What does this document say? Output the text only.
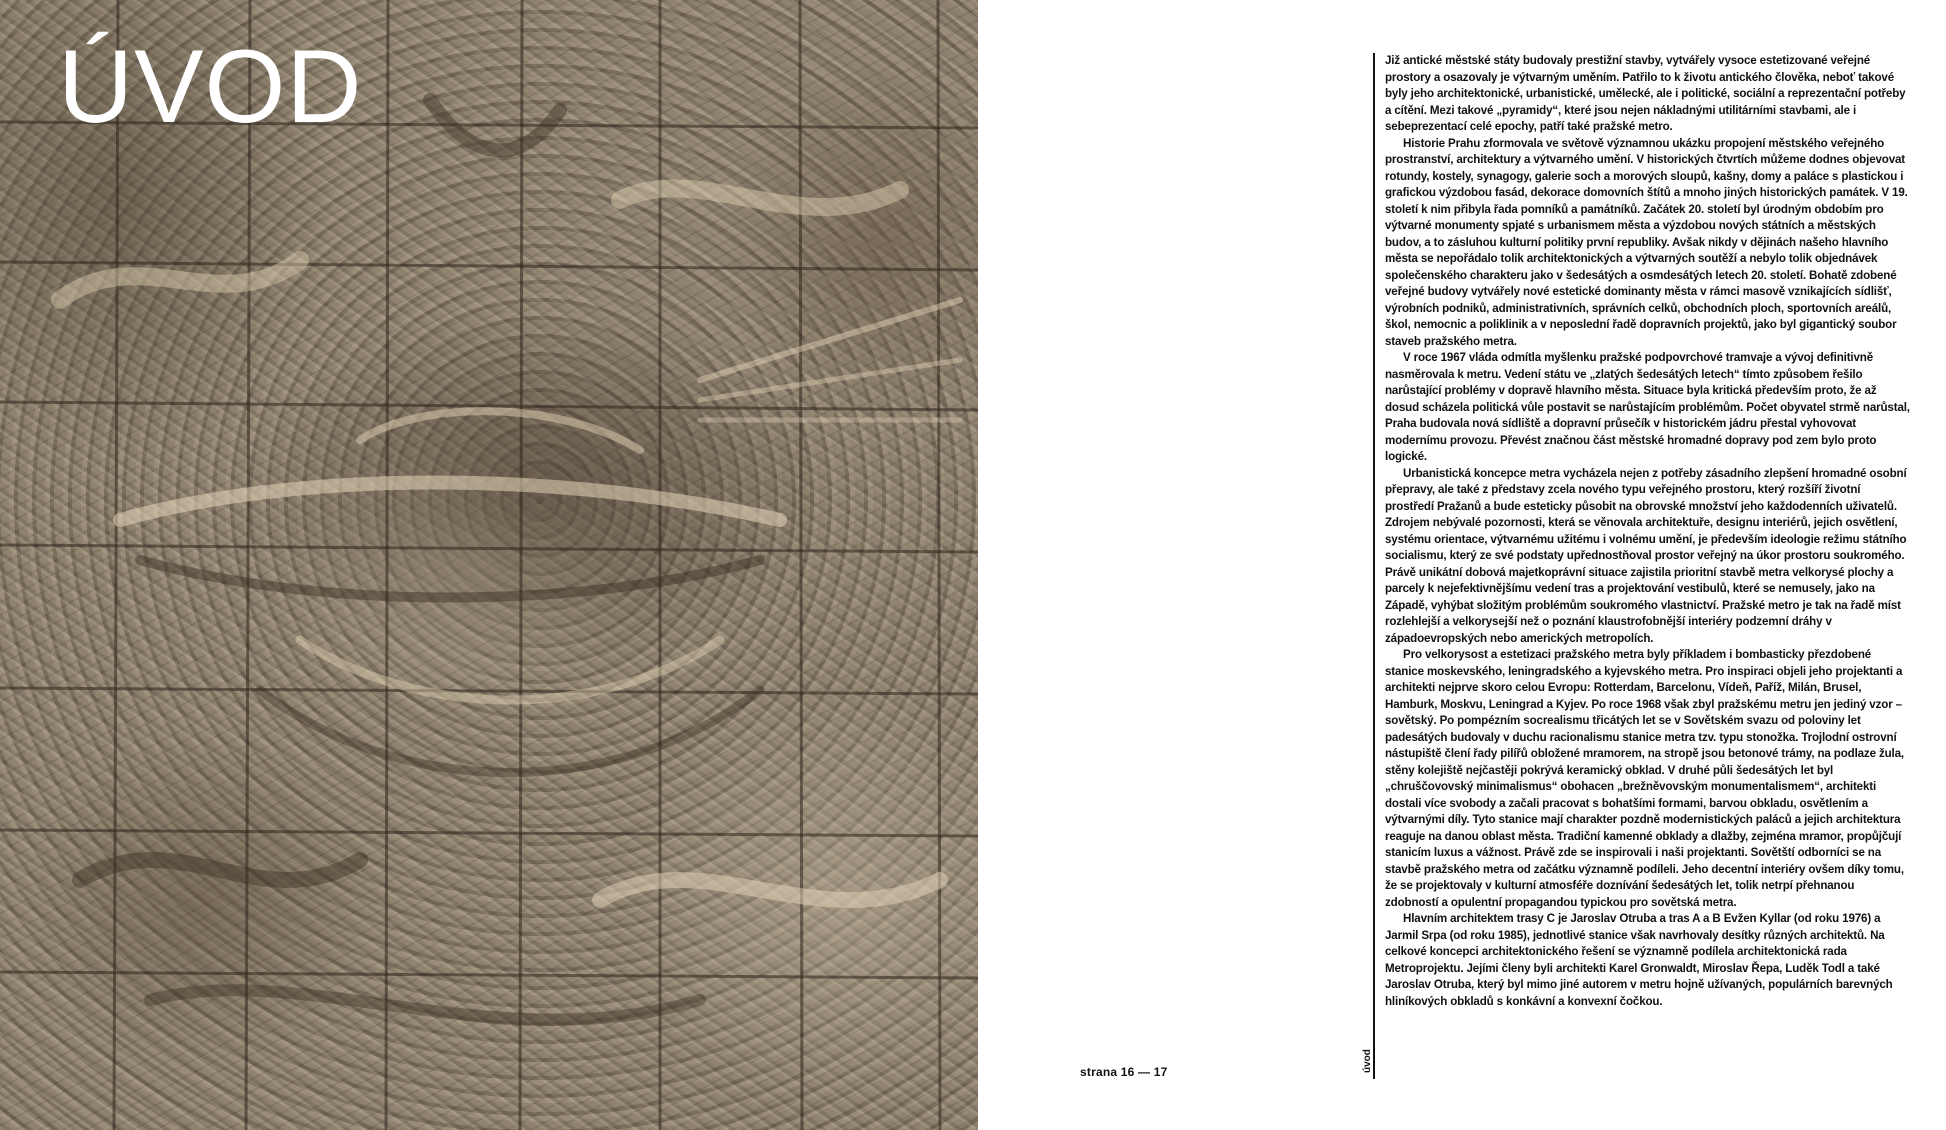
ÚVOD
strana 16 — 17	úvod

Již antické městské státy budovaly prestižní stavby, vytvářely vysoce estetizované veřejné prostory a osazovaly je výtvarným uměním. Patřilo to k životu antického člověka, neboť takové byly jeho architektonické, urbanistické, umělecké, ale i politické, sociální a reprezentační potřeby a cítění. Mezi takové „pyramidy“, které jsou nejen nákladnými utilitárními stavbami, ale i sebeprezentací celé epochy, patří také pražské metro.

Historie Prahu zformovala ve světově významnou ukázku propojení městského veřejného prostranství, architektury a výtvarného umění. V historických čtvrtích můžeme dodnes objevovat rotundy, kostely, synagogy, galerie soch a morových sloupů, kašny, domy a paláce s plastickou i grafickou výzdobou fasád, dekorace domovních štítů a mnoho jiných historických památek. V 19. století k nim přibyla řada pomníků a památníků. Začátek 20. století byl úrodným obdobím pro výtvarné monumenty spjaté s urbanismem města a výzdobou nových státních a městských budov, a to zásluhou kulturní politiky první republiky. Avšak nikdy v dějinách našeho hlavního města se nepořádalo tolik architektonických a výtvarných soutěží a nebylo tolik objednávek společenského charakteru jako v šedesátých a osmdesátých letech 20. století. Bohatě zdobené veřejné budovy vytvářely nové estetické dominanty města v rámci masově vznikajících sídlišť, výrobních podniků, administrativních, správních celků, obchodních ploch, sportovních areálů, škol, nemocnic a poliklinik a v neposlední řadě dopravních projektů, jako byl gigantický soubor staveb pražského metra.

V roce 1967 vláda odmítla myšlenku pražské podpovrchové tramvaje a vývoj definitivně nasměrovala k metru. Vedení státu ve „zlatých šedesátých letech“ tímto způsobem řešilo narůstající problémy v dopravě hlavního města. Situace byla kritická především proto, že až dosud scházela politická vůle postavit se narůstajícím problémům. Počet obyvatel strmě narůstal, Praha budovala nová sídliště a dopravní průsečík v historickém jádru přestal vyhovovat modernímu provozu. Převést značnou část městské hromadné dopravy pod zem bylo proto logické.

Urbanistická koncepce metra vycházela nejen z potřeby zásadního zlepšení hromadné osobní přepravy, ale také z představy zcela nového typu veřejného prostoru, který rozšíří životní prostředí Pražanů a bude esteticky působit na obrovské množství jeho každodenních uživatelů. Zdrojem nebývalé pozornosti, která se věnovala architektuře, designu interiérů, jejich osvětlení, systému orientace, výtvarnému užitému i volnému umění, je především ideologie režimu státního socialismu, který ze své podstaty upřednostňoval prostor veřejný na úkor prostoru soukromého. Právě unikátní dobová majetkoprávní situace zajistila prioritní stavbě metra velkorysé plochy a parcely k nejefektivnějšímu vedení tras a projektování vestibulů, které se nemusely, jako na Západě, vyhýbat složitým problémům soukromého vlastnictví. Pražské metro je tak na řadě míst rozlehlejší a velkorysejší než o poznání klaustrofobnější interiéry podzemní dráhy v západoevropských nebo amerických metropolích.

Pro velkorysost a estetizaci pražského metra byly příkladem i bombasticky přezdobené stanice moskevského, leningradského a kyjevského metra. Pro inspiraci objeli jeho projektanti a architekti nejprve skoro celou Evropu: Rotterdam, Barcelonu, Vídeň, Paříž, Milán, Brusel, Hamburk, Moskvu, Leningrad a Kyjev. Po roce 1968 však zbyl pražskému metru jen jediný vzor – sovětský. Po pompézním socrealismu třicátých let se v Sovětském svazu od poloviny let padesátých budovaly v duchu racionalismu stanice metra tzv. typu stonožka. Trojlodní ostrovní nástupiště člení řady pilířů obložené mramorem, na stropě jsou betonové trámy, na podlaze žula, stěny kolejiště nejčastěji pokrývá keramický obklad. V druhé půli šedesátých let byl „chruščovovský minimalismus“ obohacen „brežněvovským monumentalismem“, architekti dostali více svobody a začali pracovat s bohatšími formami, barvou obkladu, osvětlením a výtvarnými díly. Tyto stanice mají charakter pozdně modernistických paláců a jejich architektura reaguje na danou oblast města. Tradiční kamenné obklady a dlažby, zejména mramor, propůjčují stanicím luxus a vážnost. Právě zde se inspirovali i naši projektanti. Sovětští odborníci se na stavbě pražského metra od začátku významně podíleli. Jeho decentní interiéry ovšem díky tomu, že se projektovaly v kulturní atmosféře doznívání šedesátých let, tolik netrpí přehnanou zdobností a opulentní propagandou typickou pro sovětská metra.

Hlavním architektem trasy C je Jaroslav Otruba a tras A a B Evžen Kyllar (od roku 1976) a Jarmil Srpa (od roku 1985), jednotlivé stanice však navrhovaly desítky různých architektů. Na celkové koncepci architektonického řešení se významně podílela architektonická rada Metroprojektu. Jejími členy byli architekti Karel Gronwaldt, Miroslav Řepa, Luděk Todl a také Jaroslav Otruba, který byl mimo jiné autorem v metru hojně užívaných, populárních barevných hliníkových obkladů s konkávní a konvexní čočkou.
